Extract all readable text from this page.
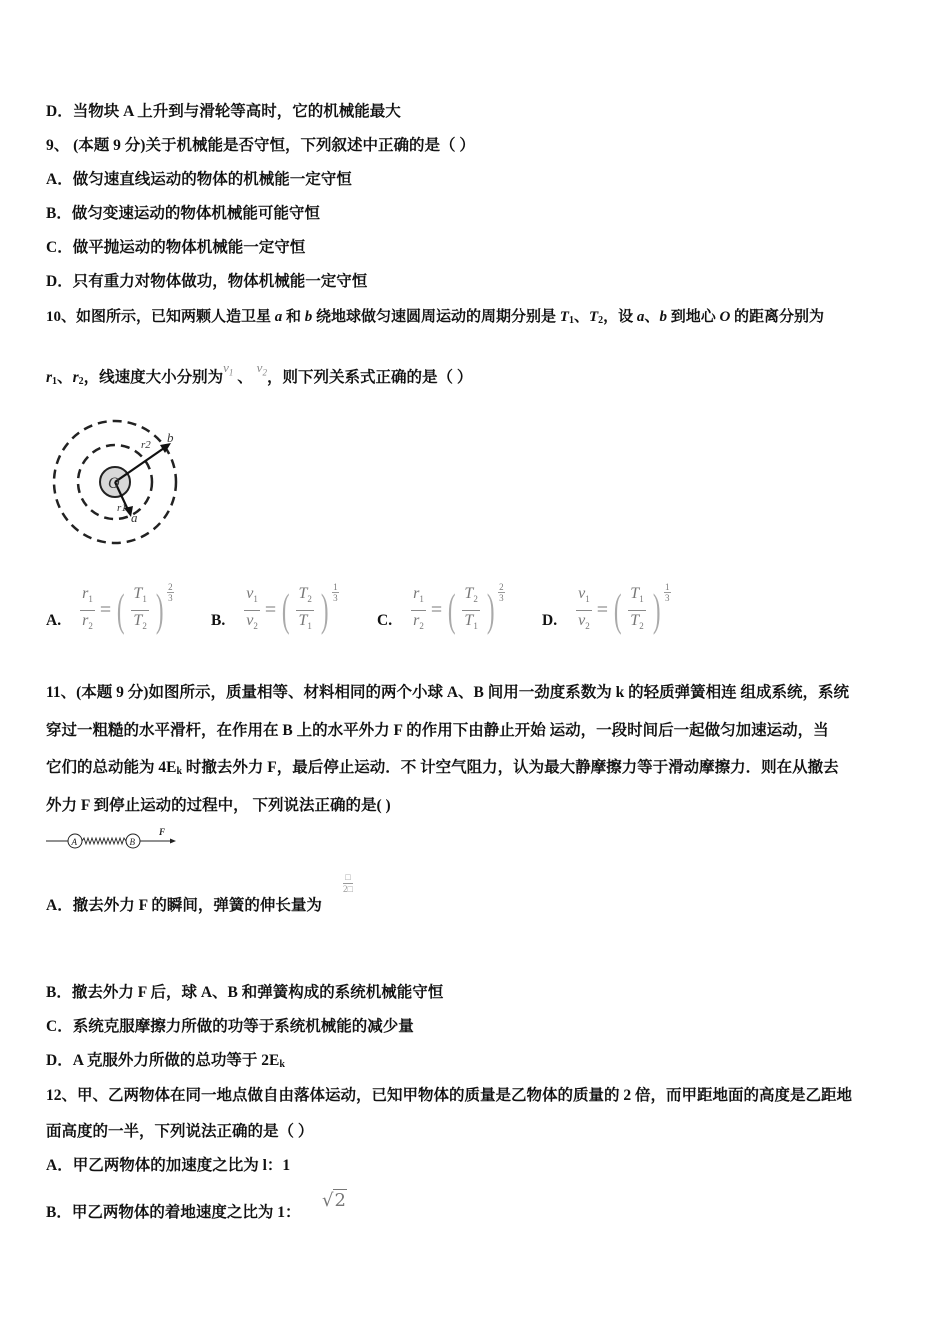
D．当物块 A 上升到与滑轮等高时，它的机械能最大
9、 (本题 9 分)关于机械能是否守恒，下列叙述中正确的是（ ）
A．做匀速直线运动的物体的机械能一定守恒
B．做匀变速运动的物体机械能可能守恒
C．做平抛运动的物体机械能一定守恒
D．只有重力对物体做功，物体机械能一定守恒
10、如图所示，已知两颗人造卫星 a 和 b 绕地球做匀速圆周运动的周期分别是 $T_1$、$T_2$，设 a、b 到地心 O 的距离分别为
$r_1$、$r_2$，线速度大小分别为$^{v_1}$ 、 $^{v_2}$，则下列关系式正确的是（ ）
O
r2 b
r1
a
A. $\frac{r_1}{r_2}$ = ( $\frac{T_1}{T_2}$ ) $\frac{2}{3}$
B. $\frac{v_1}{v_2}$ = ( $\frac{T_2}{T_1}$ ) $\frac{1}{3}$
C. $\frac{r_1}{r_2}$ = ( $\frac{T_2}{T_1}$ ) $\frac{2}{3}$
D. $\frac{v_1}{v_2}$ = ( $\frac{T_1}{T_2}$ ) $\frac{1}{3}$
11、(本题 9 分)如图所示，质量相等、材料相同的两个小球 A、B 间用一劲度系数为 k 的轻质弹簧相连 组成系统，系统
穿过一粗糙的水平滑杆，在作用在 B 上的水平外力 F 的作用下由静止开始 运动，一段时间后一起做匀加速运动，当
它们的总动能为 $4E_k$ 时撤去外力 F，最后停止运动．不 计空气阻力，认为最大静摩擦力等于滑动摩擦力．则在从撤去
外力 F 到停止运动的过程中， 下列说法正确的是( )
A	B
F
A．撤去外力 F 的瞬间，弹簧的伸长量为
□
2□
B．撤去外力 F 后，球 A、B 和弹簧构成的系统机械能守恒
C．系统克服摩擦力所做的功等于系统机械能的减少量
D．A 克服外力所做的总功等于 $2E_k$
12、甲、乙两物体在同一地点做自由落体运动，已知甲物体的质量是乙物体的质量的 2 倍，而甲距地面的高度是乙距地
面高度的一半，下列说法正确的是（ ）
A．甲乙两物体的加速度之比为 l：1
B．甲乙两物体的着地速度之比为 1：
√2
